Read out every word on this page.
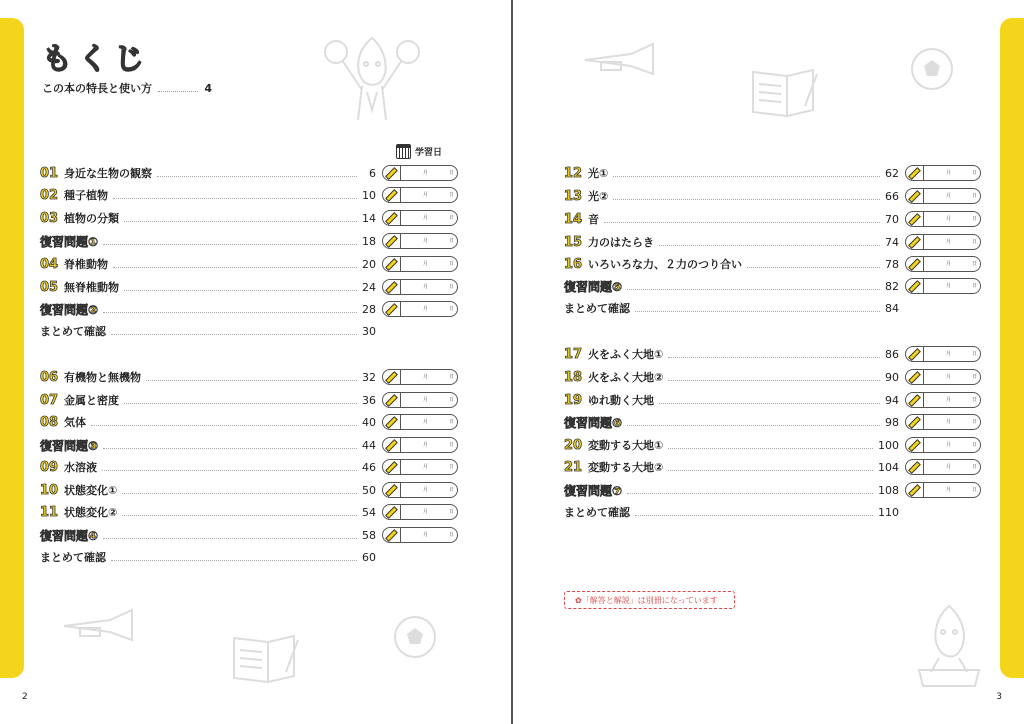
もくじ
この本の特長と使い方	4
学習日
01 身近な生物の観察	6	月	日
02 種子植物	10	月	日
03 植物の分類	14	月	日
復習問題①	18	月	日
04 脊椎動物	20	月	日
05 無脊椎動物	24	月	日
復習問題②	28	月	日
まとめて確認	30
06 有機物と無機物	32	月	日
07 金属と密度	36	月	日
08 気体	40	月	日
復習問題③	44	月	日
09 水溶液	46	月	日
10 状態変化①	50	月	日
11 状態変化②	54	月	日
復習問題④	58	月	日
まとめて確認	60
2
12 光①	62	月	日
13 光②	66	月	日
14 音	70	月	日
15 力のはたらき	74	月	日
16 いろいろな力、２力のつり合い	78	月	日
復習問題⑤	82	月	日
まとめて確認	84
17 火をふく大地①	86	月	日
18 火をふく大地②	90	月	日
19 ゆれ動く大地	94	月	日
復習問題⑥	98	月	日
20 変動する大地①	100	月	日
21 変動する大地②	104	月	日
復習問題⑦	108	月	日
まとめて確認	110
✿「解答と解説」は別冊になっています
3
